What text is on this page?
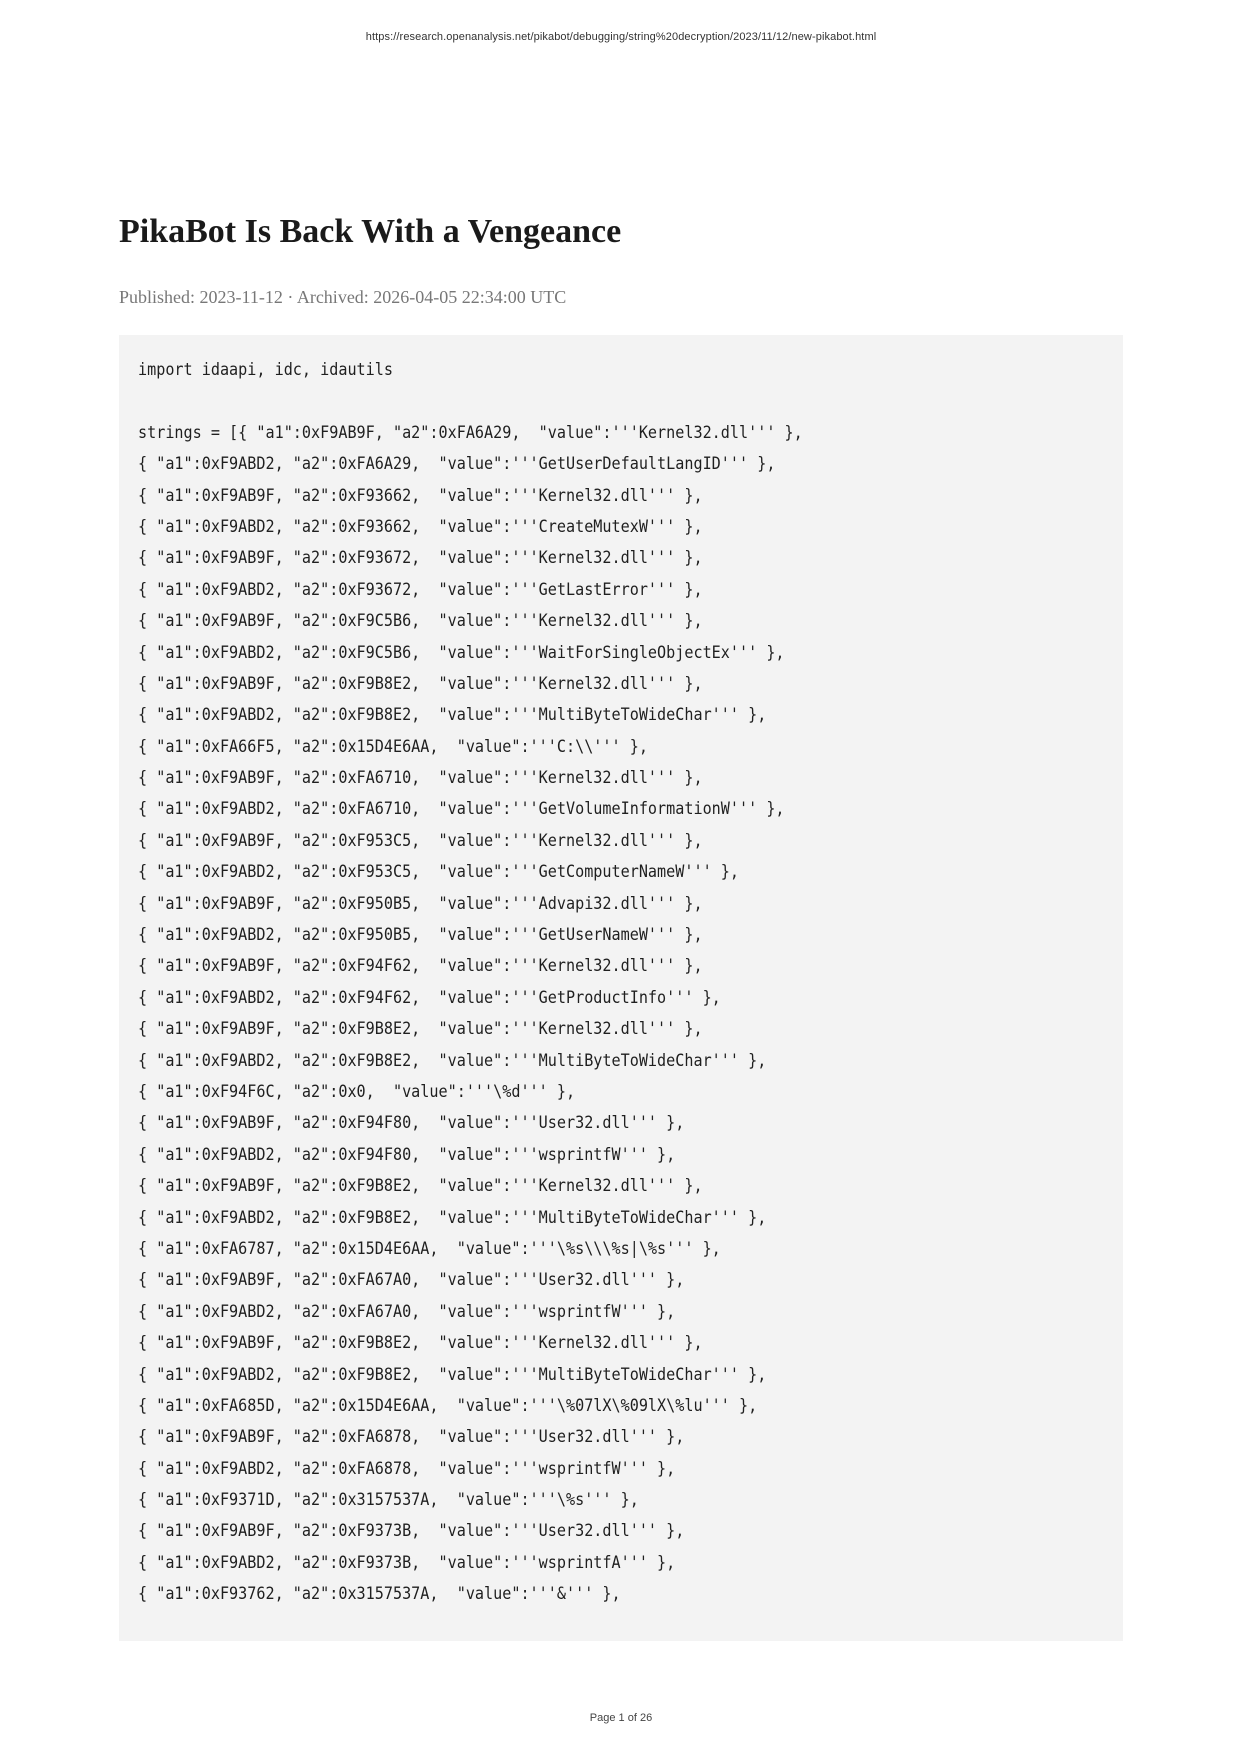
https://research.openanalysis.net/pikabot/debugging/string%20decryption/2023/11/12/new-pikabot.html
PikaBot Is Back With a Vengeance
Published: 2023-11-12 · Archived: 2026-04-05 22:34:00 UTC
import idaapi, idc, idautils
strings = [{ "a1":0xF9AB9F, "a2":0xFA6A29,  "value":'''Kernel32.dll''' },
{ "a1":0xF9ABD2, "a2":0xFA6A29,  "value":'''GetUserDefaultLangID''' },
{ "a1":0xF9AB9F, "a2":0xF93662,  "value":'''Kernel32.dll''' },
{ "a1":0xF9ABD2, "a2":0xF93662,  "value":'''CreateMutexW''' },
{ "a1":0xF9AB9F, "a2":0xF93672,  "value":'''Kernel32.dll''' },
{ "a1":0xF9ABD2, "a2":0xF93672,  "value":'''GetLastError''' },
{ "a1":0xF9AB9F, "a2":0xF9C5B6,  "value":'''Kernel32.dll''' },
{ "a1":0xF9ABD2, "a2":0xF9C5B6,  "value":'''WaitForSingleObjectEx''' },
{ "a1":0xF9AB9F, "a2":0xF9B8E2,  "value":'''Kernel32.dll''' },
{ "a1":0xF9ABD2, "a2":0xF9B8E2,  "value":'''MultiByteToWideChar''' },
{ "a1":0xFA66F5, "a2":0x15D4E6AA,  "value":'''C:\\''' },
{ "a1":0xF9AB9F, "a2":0xFA6710,  "value":'''Kernel32.dll''' },
{ "a1":0xF9ABD2, "a2":0xFA6710,  "value":'''GetVolumeInformationW''' },
{ "a1":0xF9AB9F, "a2":0xF953C5,  "value":'''Kernel32.dll''' },
{ "a1":0xF9ABD2, "a2":0xF953C5,  "value":'''GetComputerNameW''' },
{ "a1":0xF9AB9F, "a2":0xF950B5,  "value":'''Advapi32.dll''' },
{ "a1":0xF9ABD2, "a2":0xF950B5,  "value":'''GetUserNameW''' },
{ "a1":0xF9AB9F, "a2":0xF94F62,  "value":'''Kernel32.dll''' },
{ "a1":0xF9ABD2, "a2":0xF94F62,  "value":'''GetProductInfo''' },
{ "a1":0xF9AB9F, "a2":0xF9B8E2,  "value":'''Kernel32.dll''' },
{ "a1":0xF9ABD2, "a2":0xF9B8E2,  "value":'''MultiByteToWideChar''' },
{ "a1":0xF94F6C, "a2":0x0,  "value":'''\%d''' },
{ "a1":0xF9AB9F, "a2":0xF94F80,  "value":'''User32.dll''' },
{ "a1":0xF9ABD2, "a2":0xF94F80,  "value":'''wsprintfW''' },
{ "a1":0xF9AB9F, "a2":0xF9B8E2,  "value":'''Kernel32.dll''' },
{ "a1":0xF9ABD2, "a2":0xF9B8E2,  "value":'''MultiByteToWideChar''' },
{ "a1":0xFA6787, "a2":0x15D4E6AA,  "value":'''\%s\\\%s|\%s''' },
{ "a1":0xF9AB9F, "a2":0xFA67A0,  "value":'''User32.dll''' },
{ "a1":0xF9ABD2, "a2":0xFA67A0,  "value":'''wsprintfW''' },
{ "a1":0xF9AB9F, "a2":0xF9B8E2,  "value":'''Kernel32.dll''' },
{ "a1":0xF9ABD2, "a2":0xF9B8E2,  "value":'''MultiByteToWideChar''' },
{ "a1":0xFA685D, "a2":0x15D4E6AA,  "value":'''\%07lX\%09lX\%lu''' },
{ "a1":0xF9AB9F, "a2":0xFA6878,  "value":'''User32.dll''' },
{ "a1":0xF9ABD2, "a2":0xFA6878,  "value":'''wsprintfW''' },
{ "a1":0xF9371D, "a2":0x3157537A,  "value":'''\%s''' },
{ "a1":0xF9AB9F, "a2":0xF9373B,  "value":'''User32.dll''' },
{ "a1":0xF9ABD2, "a2":0xF9373B,  "value":'''wsprintfA''' },
{ "a1":0xF93762, "a2":0x3157537A,  "value":'''&''' },
Page 1 of 26
